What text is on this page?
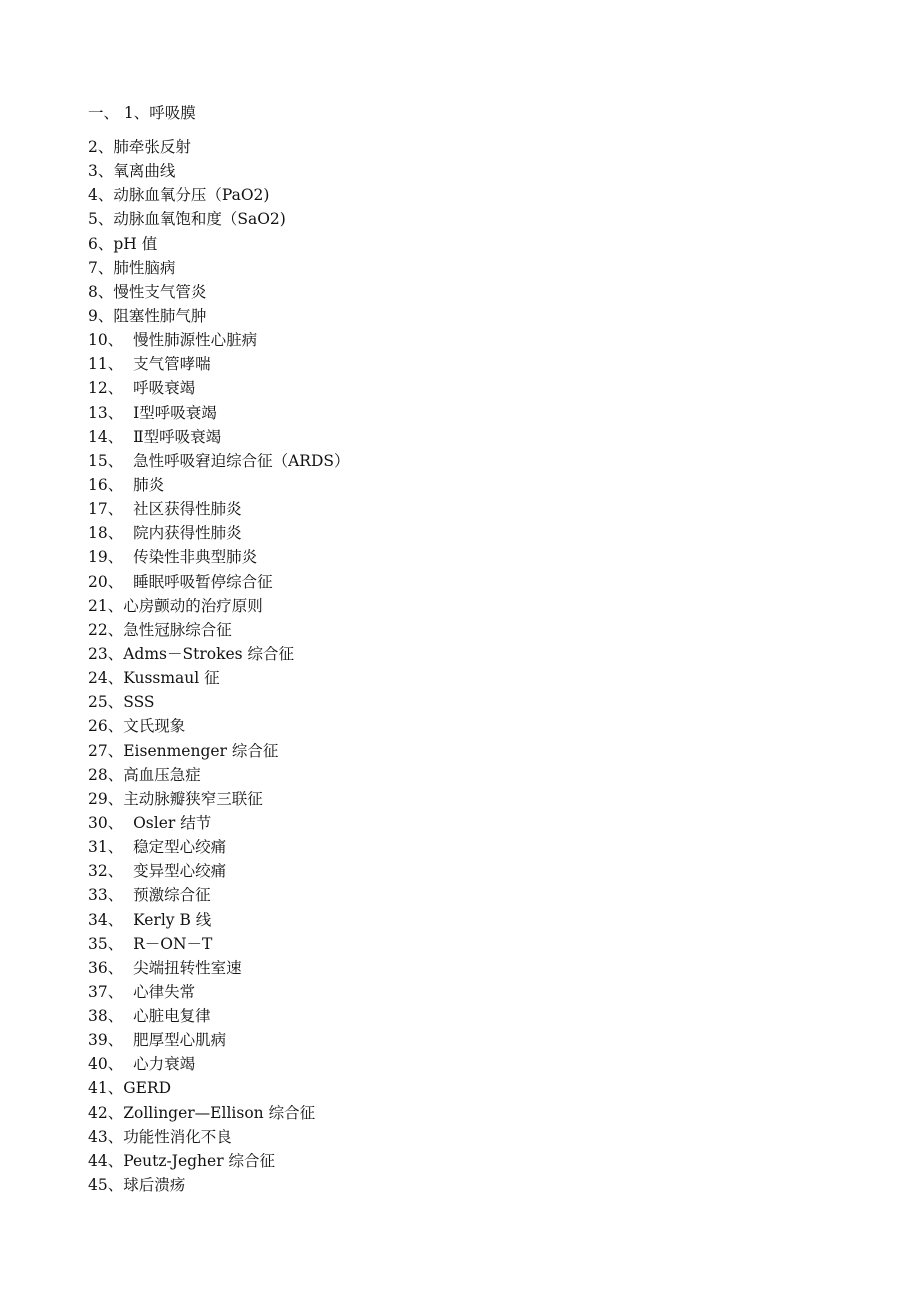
一、 1、呼吸膜
2、肺牵张反射
3、氧离曲线
4、动脉血氧分压（PaO2)
5、动脉血氧饱和度（SaO2)
6、pH 值
7、肺性脑病
8、慢性支气管炎
9、阻塞性肺气肿
10、  慢性肺源性心脏病
11、  支气管哮喘
12、  呼吸衰竭
13、  Ⅰ型呼吸衰竭
14、  Ⅱ型呼吸衰竭
15、  急性呼吸窘迫综合征（ARDS）
16、  肺炎
17、  社区获得性肺炎
18、  院内获得性肺炎
19、  传染性非典型肺炎
20、  睡眠呼吸暂停综合征
21、心房颤动的治疗原则
22、急性冠脉综合征
23、Adms－Strokes 综合征
24、Kussmaul 征
25、SSS
26、文氏现象
27、Eisenmenger 综合征
28、高血压急症
29、主动脉瓣狭窄三联征
30、  Osler 结节
31、  稳定型心绞痛
32、  变异型心绞痛
33、  预激综合征
34、  Kerly B 线
35、  R－ON－T
36、  尖端扭转性室速
37、  心律失常
38、  心脏电复律
39、  肥厚型心肌病
40、  心力衰竭
41、GERD
42、Zollinger—Ellison 综合征
43、功能性消化不良
44、Peutz-Jegher 综合征
45、球后溃疡
